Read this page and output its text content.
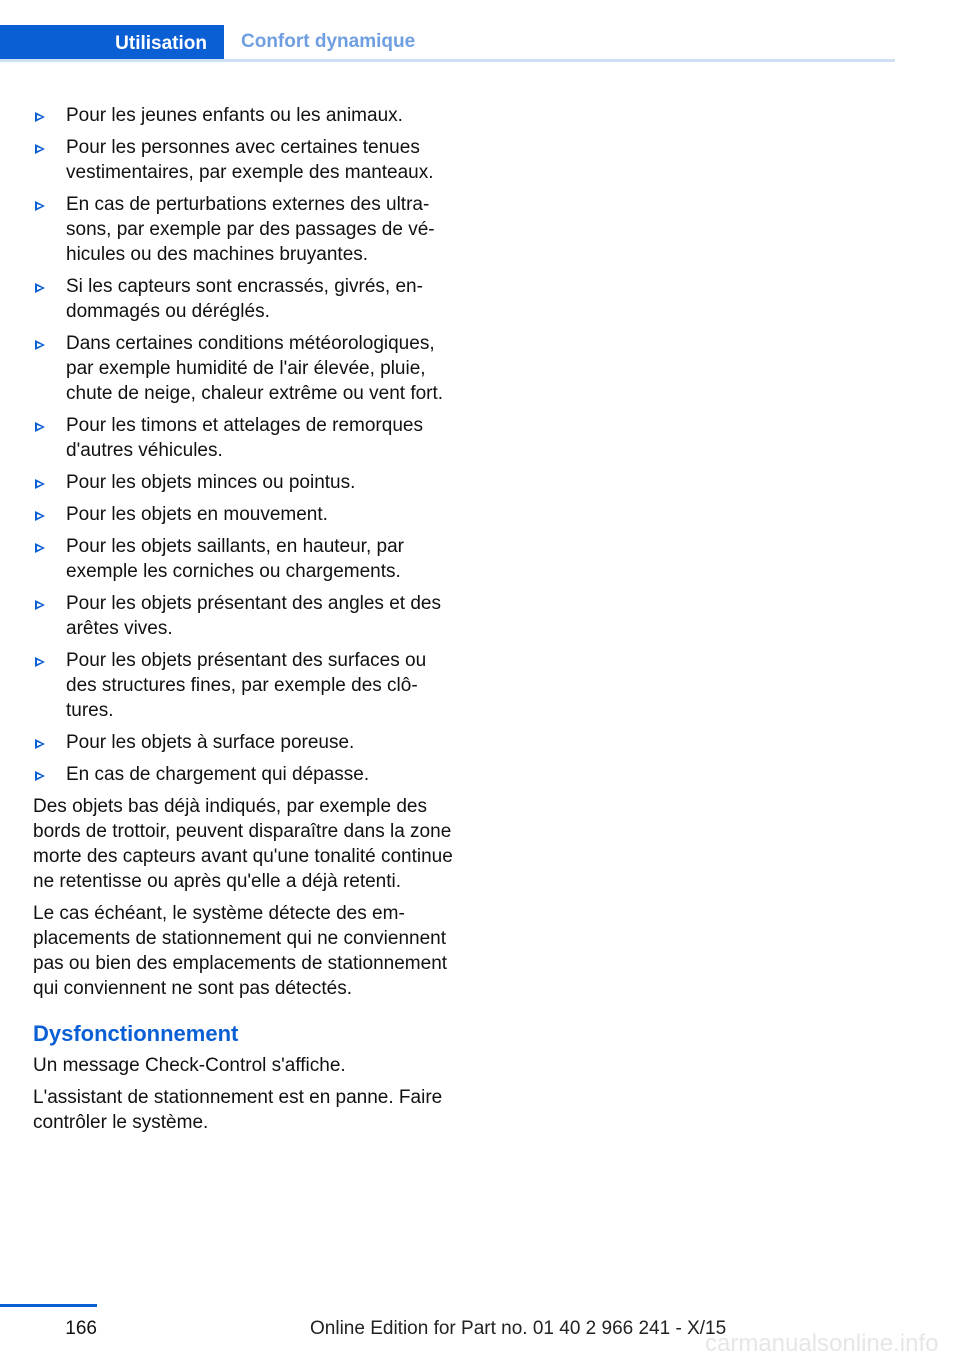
Utilisation	Confort dynamique
Pour les jeunes enfants ou les animaux.
Pour les personnes avec certaines tenues vestimentaires, par exemple des manteaux.
En cas de perturbations externes des ultrasons, par exemple par des passages de véhicules ou des machines bruyantes.
Si les capteurs sont encrassés, givrés, endommagés ou déréglés.
Dans certaines conditions météorologiques, par exemple humidité de l'air élevée, pluie, chute de neige, chaleur extrême ou vent fort.
Pour les timons et attelages de remorques d'autres véhicules.
Pour les objets minces ou pointus.
Pour les objets en mouvement.
Pour les objets saillants, en hauteur, par exemple les corniches ou chargements.
Pour les objets présentant des angles et des arêtes vives.
Pour les objets présentant des surfaces ou des structures fines, par exemple des clôtures.
Pour les objets à surface poreuse.
En cas de chargement qui dépasse.

Des objets bas déjà indiqués, par exemple des bords de trottoir, peuvent disparaître dans la zone morte des capteurs avant qu'une tonalité continue ne retentisse ou après qu'elle a déjà retenti.

Le cas échéant, le système détecte des emplacements de stationnement qui ne conviennent pas ou bien des emplacements de stationnement qui conviennent ne sont pas détectés.

Dysfonctionnement

Un message Check-Control s'affiche.

L'assistant de stationnement est en panne. Faire contrôler le système.

166	Online Edition for Part no. 01 40 2 966 241 - X/15
carmanualsonline.info
